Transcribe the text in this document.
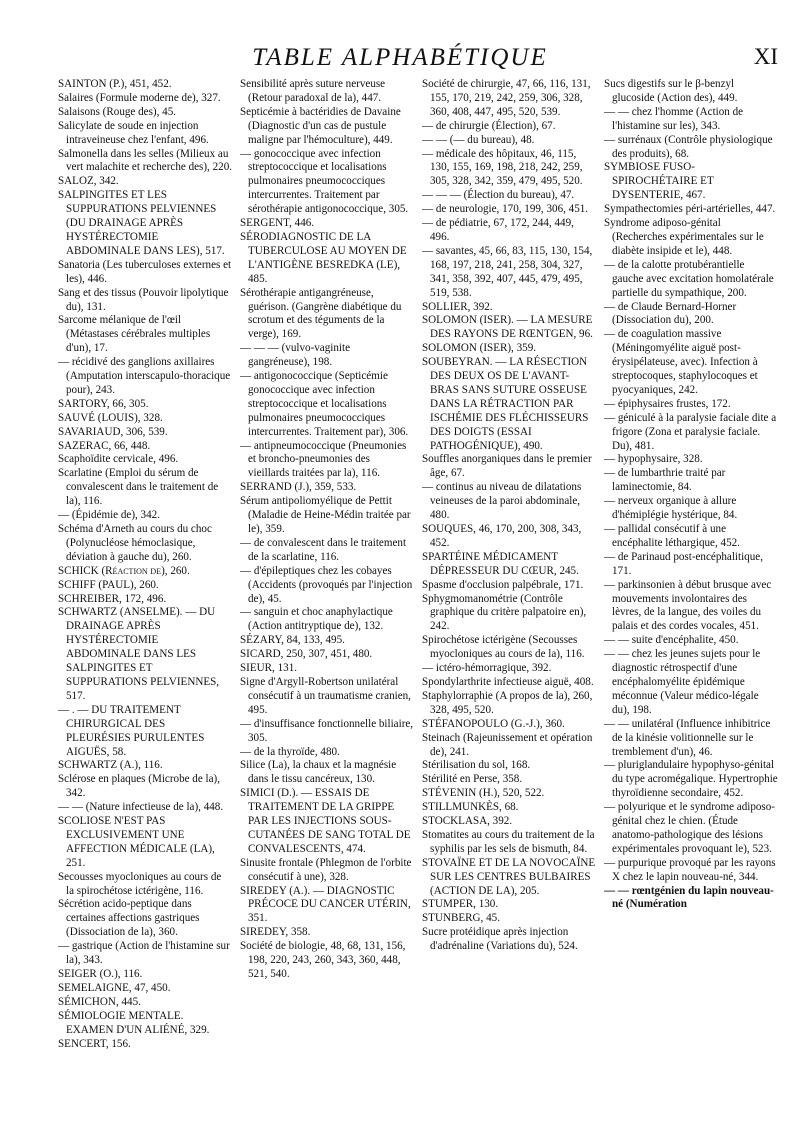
TABLE ALPHABÉTIQUE	XI

SAINTON (P.), 451, 452.

Salaires (Formule moderne de), 327.

Salaisons (Rouge des), 45.

Salicylate de soude en injection intraveineuse chez l'enfant, 496.

Salmonella dans les selles (Milieux au vert malachite et recherche des), 220.

SALOZ, 342.

SALPINGITES ET LES SUPPURATIONS PELVIENNES (DU DRAINAGE APRÈS HYSTÉRECTOMIE ABDOMINALE DANS LES), 517.

Sanatoria (Les tuberculoses externes et les), 446.

Sang et des tissus (Pouvoir lipolytique du), 131.

Sarcome mélanique de l'œil (Métastases cérébrales multiples d'un), 17.

— récidivé des ganglions axillaires (Amputation interscapulo-thoracique pour), 243.

SARTORY, 66, 305.

SAUVÉ (LOUIS), 328.

SAVARIAUD, 306, 539.

SAZERAC, 66, 448.

Scaphoïdite cervicale, 496.

Scarlatine (Emploi du sérum de convalescent dans le traitement de la), 116.

— (Épidémie de), 342.

Schéma d'Arneth au cours du choc (Polynucléose hémoclasique, déviation à gauche du), 260.

SCHICK (Réaction de), 260.

SCHIFF (PAUL), 260.

SCHREIBER, 172, 496.

SCHWARTZ (ANSELME). — DU DRAINAGE APRÈS HYSTÉRECTOMIE ABDOMINALE DANS LES SALPINGITES ET SUPPURATIONS PELVIENNES, 517.

— . — DU TRAITEMENT CHIRURGICAL DES PLEURÉSIES PURULENTES AIGUËS, 58.

SCHWARTZ (A.), 116.

Sclérose en plaques (Microbe de la), 342.

— — (Nature infectieuse de la), 448.

SCOLIOSE N'EST PAS EXCLUSIVEMENT UNE AFFECTION MÉDICALE (LA), 251.

Secousses myocloniques au cours de la spirochétose ictérigène, 116.

Sécrétion acido-peptique dans certaines affections gastriques (Dissociation de la), 360.

— gastrique (Action de l'histamine sur la), 343.

SEIGER (O.), 116.

SEMELAIGNE, 47, 450.

SÉMICHON, 445.

SÉMIOLOGIE MENTALE. EXAMEN D'UN ALIÉNÉ, 329.

SENCERT, 156.

Sensibilité après suture nerveuse (Retour paradoxal de la), 447.

Septicémie à bactéridies de Davaine (Diagnostic d'un cas de pustule maligne par l'hémoculture), 449.

— gonococcique avec infection streptococcique et localisations pulmonaires pneumococciques intercurrentes. Traitement par sérothérapie antigonococcique, 305.

SERGENT, 446.

SÉRODIAGNOSTIC DE LA TUBERCULOSE AU MOYEN DE L'ANTIGÈNE BESREDKA (LE), 485.

Sérothérapie antigangréneuse, guérison. (Gangrène diabétique du scrotum et des téguments de la verge), 169.

— — — (vulvo-vaginite gangréneuse), 198.

— antigonococcique (Septicémie gonococcique avec infection streptococcique et localisations pulmonaires pneumococciques intercurrentes. Traitement par), 306.

— antipneumococcique (Pneumonies et broncho-pneumonies des vieillards traitées par la), 116.

SERRAND (J.), 359, 533.

Sérum antipoliomyélique de Pettit (Maladie de Heine-Médin traitée par le), 359.

— de convalescent dans le traitement de la scarlatine, 116.

— d'épileptiques chez les cobayes (Accidents (provoqués par l'injection de), 45.

— sanguin et choc anaphylactique (Action antitryptique de), 132.

SÉZARY, 84, 133, 495.

SICARD, 250, 307, 451, 480.

SIEUR, 131.

Signe d'Argyll-Robertson unilatéral consécutif à un traumatisme cranien, 495.

— d'insuffisance fonctionnelle biliaire, 305.

— de la thyroïde, 480.

Silice (La), la chaux et la magnésie dans le tissu cancéreux, 130.

SIMICI (D.). — ESSAIS DE TRAITEMENT DE LA GRIPPE PAR LES INJECTIONS SOUS-CUTANÉES DE SANG TOTAL DE CONVALESCENTS, 474.

Sinusite frontale (Phlegmon de l'orbite consécutif à une), 328.

SIREDEY (A.). — DIAGNOSTIC PRÉCOCE DU CANCER UTÉRIN, 351.

SIREDEY, 358.

Société de biologie, 48, 68, 131, 156, 198, 220, 243, 260, 343, 360, 448, 521, 540.

Société de chirurgie, 47, 66, 116, 131, 155, 170, 219, 242, 259, 306, 328, 360, 408, 447, 495, 520, 539.

— de chirurgie (Élection), 67.

— — (— du bureau), 48.

— médicale des hôpitaux, 46, 115, 130, 155, 169, 198, 218, 242, 259, 305, 328, 342, 359, 479, 495, 520.

— — — (Élection du bureau), 47.

— de neurologie, 170, 199, 306, 451.

— de pédiatrie, 67, 172, 244, 449, 496.

— savantes, 45, 66, 83, 115, 130, 154, 168, 197, 218, 241, 258, 304, 327, 341, 358, 392, 407, 445, 479, 495, 519, 538.

SOLLIER, 392.

SOLOMON (ISER). — LA MESURE DES RAYONS DE RŒNTGEN, 96.

SOLOMON (ISER), 359.

SOUBEYRAN. — LA RÉSECTION DES DEUX OS DE L'AVANT-BRAS SANS SUTURE OSSEUSE DANS LA RÉTRACTION PAR ISCHÉMIE DES FLÉCHISSEURS DES DOIGTS (ESSAI PATHOGÉNIQUE), 490.

Souffles anorganiques dans le premier âge, 67.

— continus au niveau de dilatations veineuses de la paroi abdominale, 480.

SOUQUES, 46, 170, 200, 308, 343, 452.

SPARTÉINE MÉDICAMENT DÉPRESSEUR DU CŒUR, 245.

Spasme d'occlusion palpébrale, 171.

Sphygmomanométrie (Contrôle graphique du critère palpatoire en), 242.

Spirochétose ictérigène (Secousses myocloniques au cours de la), 116.

— ictéro-hémorragique, 392.

Spondylarthrite infectieuse aiguë, 408.

Staphylorraphie (A propos de la), 260, 328, 495, 520.

STÉFANOPOULO (G.-J.), 360.

Steinach (Rajeunissement et opération de), 241.

Stérilisation du sol, 168.

Stérilité en Perse, 358.

STÉVENIN (H.), 520, 522.

STILLMUNKÈS, 68.

STOCKLASA, 392.

Stomatites au cours du traitement de la syphilis par les sels de bismuth, 84.

STOVAÏNE ET DE LA NOVOCAÏNE SUR LES CENTRES BULBAIRES (ACTION DE LA), 205.

STUMPER, 130.

STUNBERG, 45.

Sucre protéidique après injection d'adrénaline (Variations du), 524.

Sucs digestifs sur le β-benzyl glucoside (Action des), 449.

— — chez l'homme (Action de l'histamine sur les), 343.

— surrénaux (Contrôle physiologique des produits), 68.

SYMBIOSE FUSO-SPIROCHÉTAIRE ET DYSENTERIE, 467.

Sympathectomies péri-artérielles, 447.

Syndrome adiposo-génital (Recherches expérimentales sur le diabète insipide et le), 448.

— de la calotte protubérantielle gauche avec excitation homolatérale partielle du sympathique, 200.

— de Claude Bernard-Horner (Dissociation du), 200.

— de coagulation massive (Méningomyélite aiguë post-érysipélateuse, avec). Infection à streptocoques, staphylocoques et pyocyaniques, 242.

— épiphysaires frustes, 172.

— géniculé à la paralysie faciale dite a frigore (Zona et paralysie faciale. Du), 481.

— hypophysaire, 328.

— de lumbarthrie traité par laminectomie, 84.

— nerveux organique à allure d'hémiplégie hystérique, 84.

— pallidal consécutif à une encéphalite léthargique, 452.

— de Parinaud post-encéphalitique, 171.

— parkinsonien à début brusque avec mouvements involontaires des lèvres, de la langue, des voiles du palais et des cordes vocales, 451.

— — suite d'encéphalite, 450.

— — chez les jeunes sujets pour le diagnostic rétrospectif d'une encéphalomyélite épidémique méconnue (Valeur médico-légale du), 198.

— — unilatéral (Influence inhibitrice de la kinésie volitionnelle sur le tremblement d'un), 46.

— pluriglandulaire hypophyso-génital du type acromégalique. Hypertrophie thyroïdienne secondaire, 452.

— polyurique et le syndrome adiposo-génital chez le chien. (Étude anatomo-pathologique des lésions expérimentales provoquant le), 523.

— purpurique provoqué par les rayons X chez le lapin nouveau-né, 344.

— — rœntgénien du lapin nouveau-né (Numération
